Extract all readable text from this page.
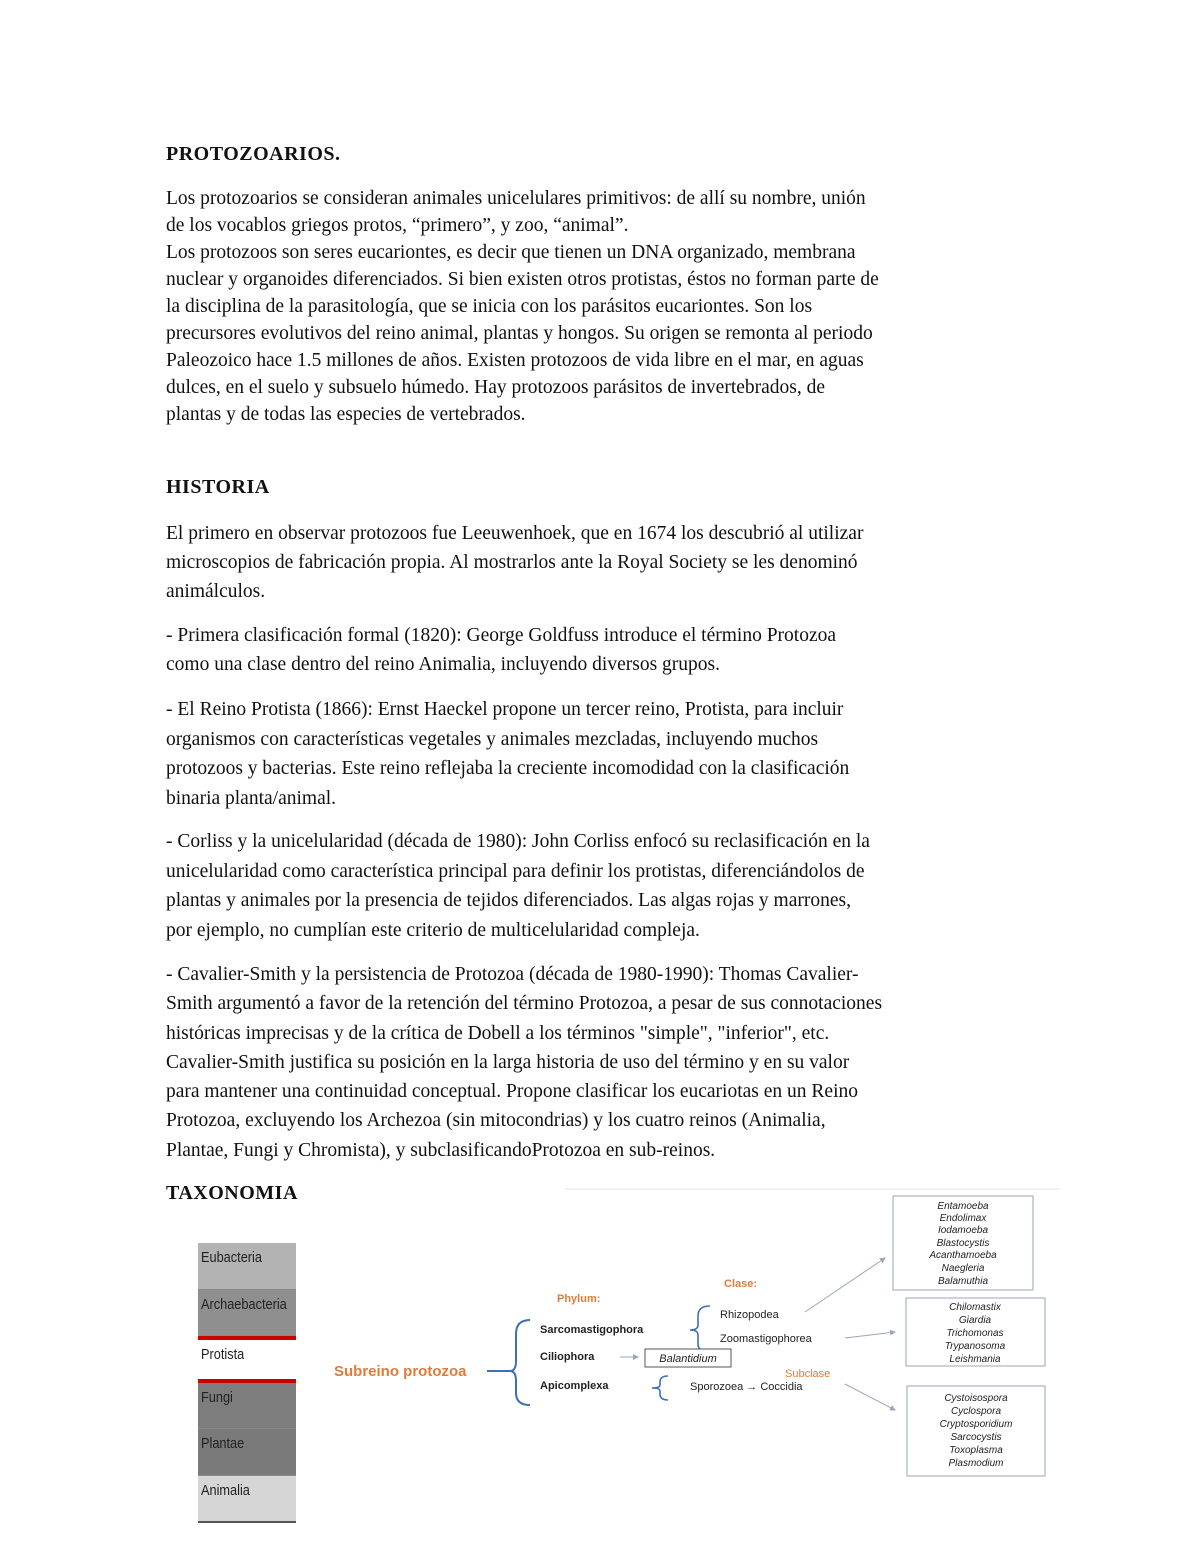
PROTOZOARIOS.
Los protozoarios se consideran animales unicelulares primitivos: de allí su nombre, unión
de los vocablos griegos protos, “primero”, y zoo, “animal”.
Los protozoos son seres eucariontes, es decir que tienen un DNA organizado, membrana
nuclear y organoides diferenciados. Si bien existen otros protistas, éstos no forman parte de
la disciplina de la parasitología, que se inicia con los parásitos eucariontes. Son los
precursores evolutivos del reino animal, plantas y hongos. Su origen se remonta al periodo
Paleozoico hace 1.5 millones de años. Existen protozoos de vida libre en el mar, en aguas
dulces, en el suelo y subsuelo húmedo. Hay protozoos parásitos de invertebrados, de
plantas y de todas las especies de vertebrados.
HISTORIA
El primero en observar protozoos fue Leeuwenhoek, que en 1674 los descubrió al utilizar
microscopios de fabricación propia. Al mostrarlos ante la Royal Society se les denominó
animálculos.
- Primera clasificación formal (1820): George Goldfuss introduce el término Protozoa
como una clase dentro del reino Animalia, incluyendo diversos grupos.
- El Reino Protista (1866): Ernst Haeckel propone un tercer reino, Protista, para incluir
organismos con características vegetales y animales mezcladas, incluyendo muchos
protozoos y bacterias. Este reino reflejaba la creciente incomodidad con la clasificación
binaria planta/animal.
- Corliss y la unicelularidad (década de 1980): John Corliss enfocó su reclasificación en la
unicelularidad como característica principal para definir los protistas, diferenciándolos de
plantas y animales por la presencia de tejidos diferenciados. Las algas rojas y marrones,
por ejemplo, no cumplían este criterio de multicelularidad compleja.
- Cavalier-Smith y la persistencia de Protozoa (década de 1980-1990): Thomas Cavalier-
Smith argumentó a favor de la retención del término Protozoa, a pesar de sus connotaciones
históricas imprecisas y de la crítica de Dobell a los términos "simple", "inferior", etc.
Cavalier-Smith justifica su posición en la larga historia de uso del término y en su valor
para mantener una continuidad conceptual. Propone clasificar los eucariotas en un Reino
Protozoa, excluyendo los Archezoa (sin mitocondrias) y los cuatro reinos (Animalia,
Plantae, Fungi y Chromista), y subclasificandoProtozoa en sub-reinos.
TAXONOMIA
Eubacteria
Archaebacteria
Protista
Fungi
Plantae
Animalia
Subreino protozoa
Phylum:
Sarcomastigophora
Ciliophora
Apicomplexa
Clase:
Rhizopodea
Zoomastigophorea
Balantidium
Subclase
Sporozoea → Coccidia
Entamoeba
Endolimax
Iodamoeba
Blastocystis
Acanthamoeba
Naegleria
Balamuthia
Chilomastix
Giardia
Trichomonas
Trypanosoma
Leishmania
Cystoisospora
Cyclospora
Cryptosporidium
Sarcocystis
Toxoplasma
Plasmodium
